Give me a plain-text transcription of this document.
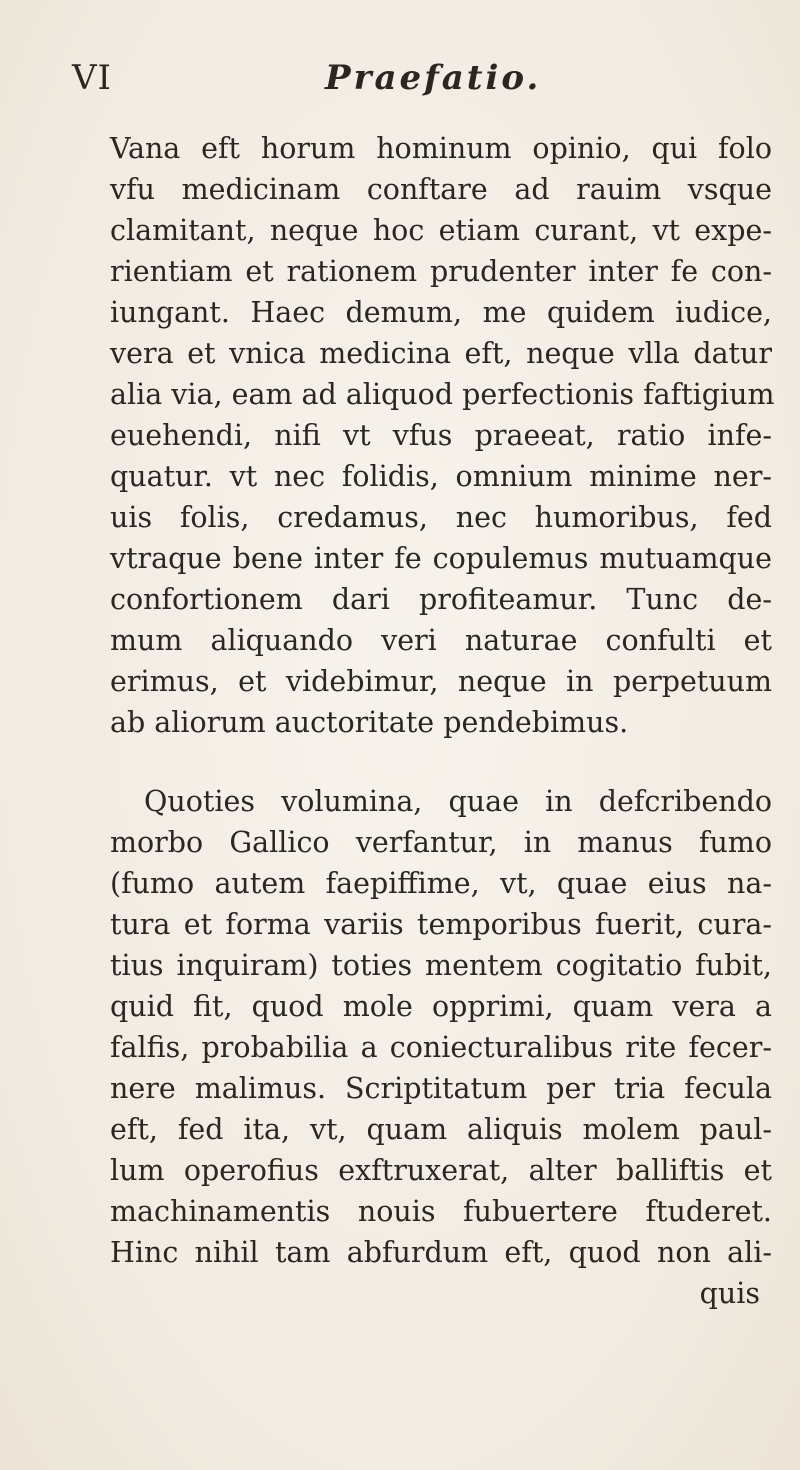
VI	Praefatio.
Vana eft horum hominum opinio, qui folo
vfu medicinam conftare ad rauim vsque
clamitant, neque hoc etiam curant, vt expe-
rientiam et rationem prudenter inter fe con-
iungant. Haec demum, me quidem iudice,
vera et vnica medicina eft, neque vlla datur
alia via, eam ad aliquod perfectionis faftigium
euehendi, nifi vt vfus praeeat, ratio infe-
quatur. vt nec folidis, omnium minime ner-
uis folis, credamus, nec humoribus, fed
vtraque bene inter fe copulemus mutuamque
confortionem dari profiteamur. Tunc de-
mum aliquando veri naturae confulti et
erimus, et videbimur, neque in perpetuum
ab aliorum auctoritate pendebimus.
Quoties volumina, quae in defcribendo
morbo Gallico verfantur, in manus fumo
(fumo autem faepiffime, vt, quae eius na-
tura et forma variis temporibus fuerit, cura-
tius inquiram) toties mentem cogitatio fubit,
quid fit, quod mole opprimi, quam vera a
falfis, probabilia a coniecturalibus rite fecer-
nere malimus. Scriptitatum per tria fecula
eft, fed ita, vt, quam aliquis molem paul-
lum operofius exftruxerat, alter balliftis et
machinamentis nouis fubuertere ftuderet.
Hinc nihil tam abfurdum eft, quod non ali-
quis
